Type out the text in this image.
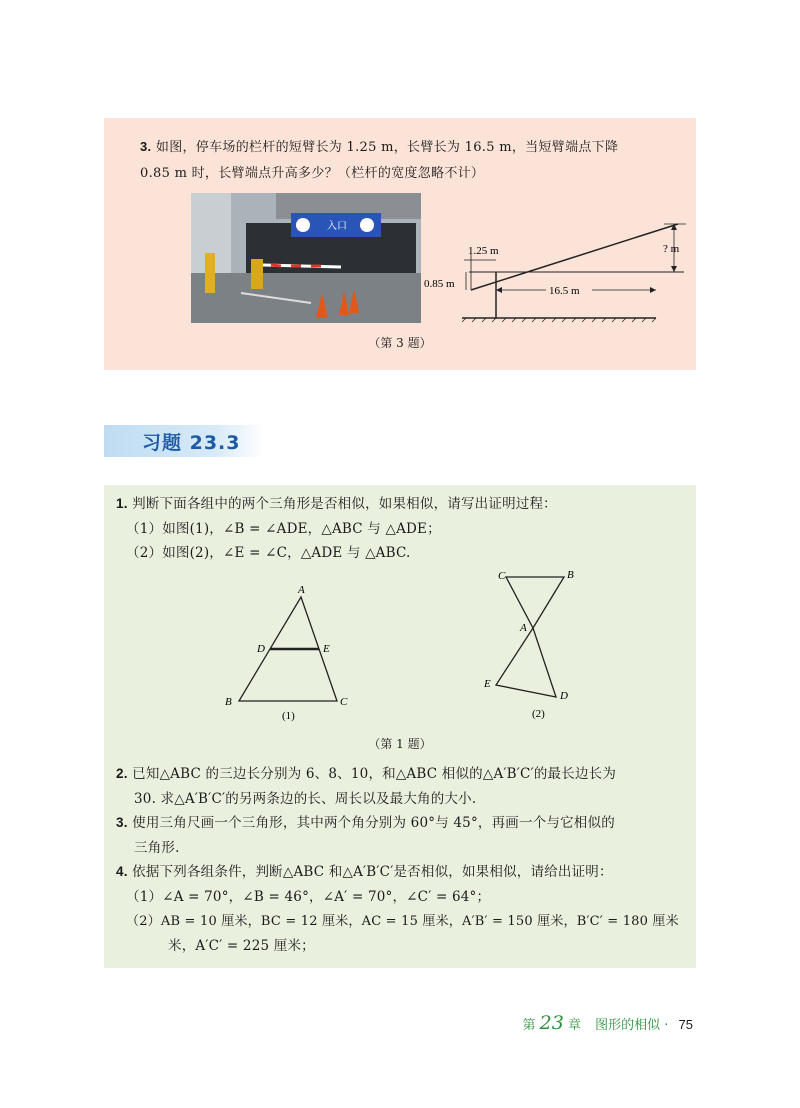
3. 如图，停车场的栏杆的短臂长为 1.25 m，长臂长为 16.5 m，当短臂端点下降
0.85 m 时，长臂端点升高多少？（栏杆的宽度忽略不计）
入口
1.25 m
0.85 m
16.5 m
? m
（第 3 题）
习题 23.3
1. 判断下面各组中的两个三角形是否相似，如果相似，请写出证明过程：
（1）如图(1)，∠B = ∠ADE，△ABC 与 △ADE；
（2）如图(2)，∠E = ∠C，△ADE 与 △ABC.
A
D	E
B	C
(1)
C	B
A
E
D
(2)
（第 1 题）
2. 已知△ABC 的三边长分别为 6、8、10，和△ABC 相似的△A′B′C′的最长边长为
30. 求△A′B′C′的另两条边的长、周长以及最大角的大小.
3. 使用三角尺画一个三角形，其中两个角分别为 60°与 45°，再画一个与它相似的
三角形.
4. 依据下列各组条件，判断△ABC 和△A′B′C′是否相似，如果相似，请给出证明：
（1）∠A = 70°，∠B = 46°，∠A′ = 70°，∠C′ = 64°；
（2）AB = 10 厘米，BC = 12 厘米，AC = 15 厘米，A′B′ = 150 厘米，B′C′ = 180 厘米
米，A′C′ = 225 厘米；
第 23 章 图形的相似 · 75
